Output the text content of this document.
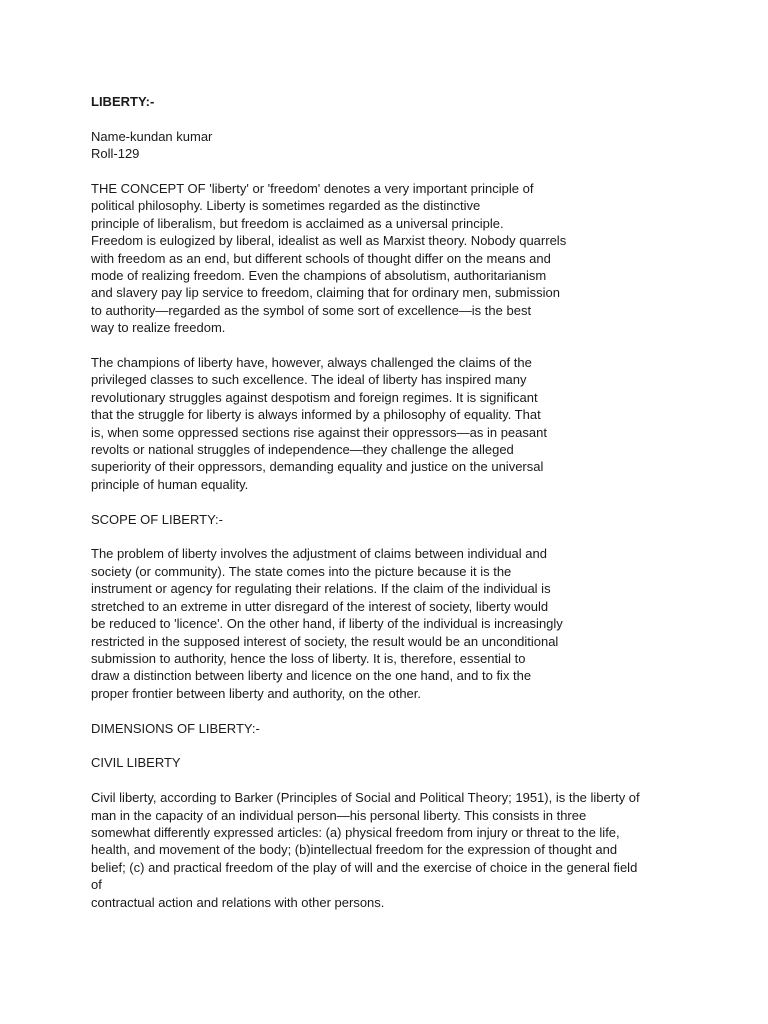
LIBERTY:-

Name-kundan kumar

Roll-129

THE CONCEPT OF 'liberty' or 'freedom' denotes a very important principle of
political philosophy. Liberty is sometimes regarded as the distinctive
principle of liberalism, but freedom is acclaimed as a universal principle.
Freedom is eulogized by liberal, idealist as well as Marxist theory. Nobody quarrels
with freedom as an end, but different schools of thought differ on the means and
mode of realizing freedom. Even the champions of absolutism, authoritarianism
and slavery pay lip service to freedom, claiming that for ordinary men, submission
to authority—regarded as the symbol of some sort of excellence—is the best
way to realize freedom.
The champions of liberty have, however, always challenged the claims of the
privileged classes to such excellence. The ideal of liberty has inspired many
revolutionary struggles against despotism and foreign regimes. It is significant
that the struggle for liberty is always informed by a philosophy of equality. That
is, when some oppressed sections rise against their oppressors—as in peasant
revolts or national struggles of independence—they challenge the alleged
superiority of their oppressors, demanding equality and justice on the universal
principle of human equality.

SCOPE OF LIBERTY:-

The problem of liberty involves the adjustment of claims between individual and
society (or community). The state comes into the picture because it is the
instrument or agency for regulating their relations. If the claim of the individual is
stretched to an extreme in utter disregard of the interest of society, liberty would
be reduced to 'licence'. On the other hand, if liberty of the individual is increasingly
restricted in the supposed interest of society, the result would be an unconditional
submission to authority, hence the loss of liberty. It is, therefore, essential to
draw a distinction between liberty and licence on the one hand, and to fix the
proper frontier between liberty and authority, on the other.

DIMENSIONS OF LIBERTY:-

CIVIL LIBERTY

Civil liberty, according to Barker (Principles of Social and Political Theory; 1951), is the liberty of
man in the capacity of an individual person—his personal liberty. This consists in three
somewhat differently expressed articles: (a) physical freedom from injury or threat to the life,
health, and movement of the body; (b)intellectual freedom for the expression of thought and
belief; (c) and practical freedom of the play of will and the exercise of choice in the general field
of
contractual action and relations with other persons.
